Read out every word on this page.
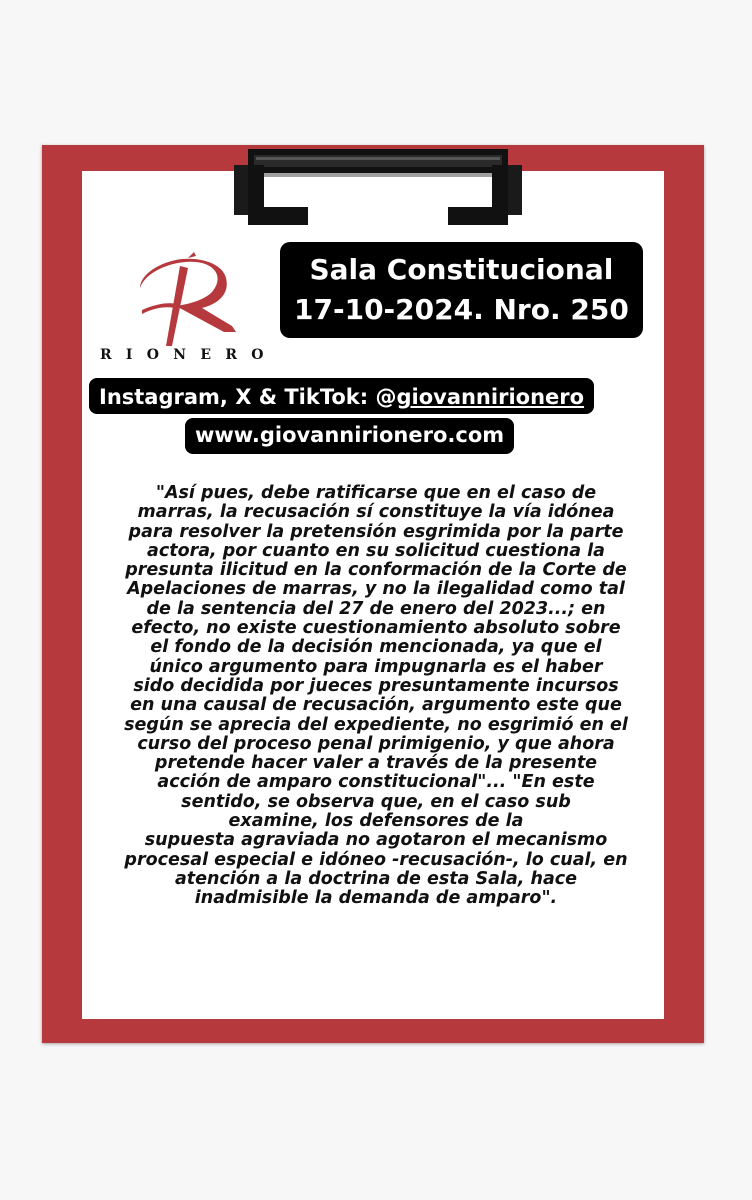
RIONERO
Sala Constitucional
17-10-2024. Nro. 250
Instagram, X & TikTok: @giovannirionero
www.giovannirionero.com
"Así pues, debe ratificarse que en el caso de
marras, la recusación sí constituye la vía idónea
para resolver la pretensión esgrimida por la parte
actora, por cuanto en su solicitud cuestiona la
presunta ilicitud en la conformación de la Corte de
Apelaciones de marras, y no la ilegalidad como tal
de la sentencia del 27 de enero del 2023...; en
efecto, no existe cuestionamiento absoluto sobre
el fondo de la decisión mencionada, ya que el
único argumento para impugnarla es el haber
sido decidida por jueces presuntamente incursos
en una causal de recusación, argumento este que
según se aprecia del expediente, no esgrimió en el
curso del proceso penal primigenio, y que ahora
pretende hacer valer a través de la presente
acción de amparo constitucional"... "En este
sentido, se observa que, en el caso sub
examine, los defensores de la
supuesta agraviada no agotaron el mecanismo
procesal especial e idóneo -recusación-, lo cual, en
atención a la doctrina de esta Sala, hace
inadmisible la demanda de amparo".
